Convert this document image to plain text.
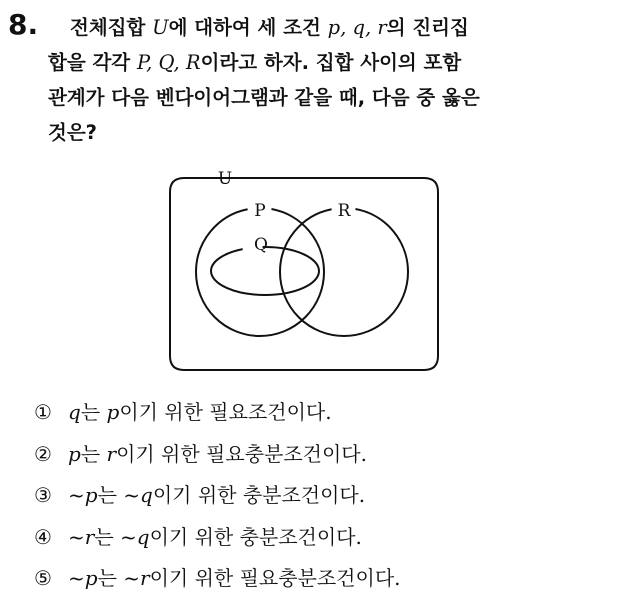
8.	전체집합 U에 대하여 세 조건 p, q, r의 진리집
합을 각각 P, Q, R이라고 하자. 집합 사이의 포함
관계가 다음 벤다이어그램과 같을 때, 다음 중 옳은
것은?
U
P	R
Q
① q는 p이기 위한 필요조건이다.
② p는 r이기 위한 필요충분조건이다.
③ ~p는 ~q이기 위한 충분조건이다.
④ ~r는 ~q이기 위한 충분조건이다.
⑤ ~p는 ~r이기 위한 필요충분조건이다.
